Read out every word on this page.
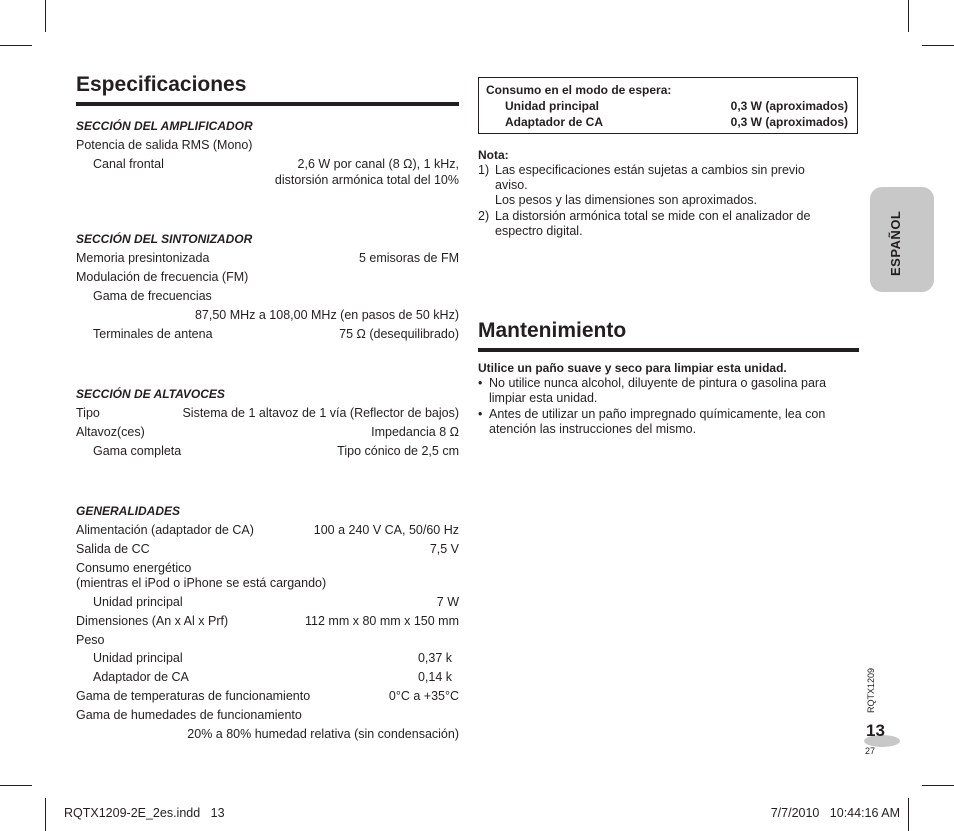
Especificaciones
SECCIÓN DEL AMPLIFICADOR
Potencia de salida RMS (Mono)
Canal frontal	2,6 W por canal (8 Ω), 1 kHz,
distorsión armónica total del 10%
SECCIÓN DEL SINTONIZADOR
Memoria presintonizada	5 emisoras de FM
Modulación de frecuencia (FM)
Gama de frecuencias
87,50 MHz a 108,00 MHz (en pasos de 50 kHz)
Terminales de antena	75 Ω (desequilibrado)
SECCIÓN DE ALTAVOCES
Tipo	Sistema de 1 altavoz de 1 vía (Reflector de bajos)
Altavoz(ces)	Impedancia 8 Ω
Gama completa	Tipo cónico de 2,5 cm
GENERALIDADES
Alimentación (adaptador de CA)	100 a 240 V CA, 50/60 Hz
Salida de CC	7,5 V
Consumo energético
(mientras el iPod o iPhone se está cargando)
Unidad principal	7 W
Dimensiones (An x Al x Prf)	112 mm x 80 mm x 150 mm
Peso
Unidad principal	0,37 k
Adaptador de CA	0,14 k
Gama de temperaturas de funcionamiento	0°C a +35°C
Gama de humedades de funcionamiento
20% a 80% humedad relativa (sin condensación)
Consumo en el modo de espera:
Unidad principal	0,3 W (aproximados)
Adaptador de CA	0,3 W (aproximados)
Nota:
1) Las especificaciones están sujetas a cambios sin previo
aviso.
Los pesos y las dimensiones son aproximados.
2) La distorsión armónica total se mide con el analizador de
espectro digital.
Mantenimiento
Utilice un paño suave y seco para limpiar esta unidad.
• No utilice nunca alcohol, diluyente de pintura o gasolina para
limpiar esta unidad.
• Antes de utilizar un paño impregnado químicamente, lea con
atención las instrucciones del mismo.
ESPAÑOL
RQTX1209
13
27
RQTX1209-2E_2es.indd   13	7/7/2010   10:44:16 AM
